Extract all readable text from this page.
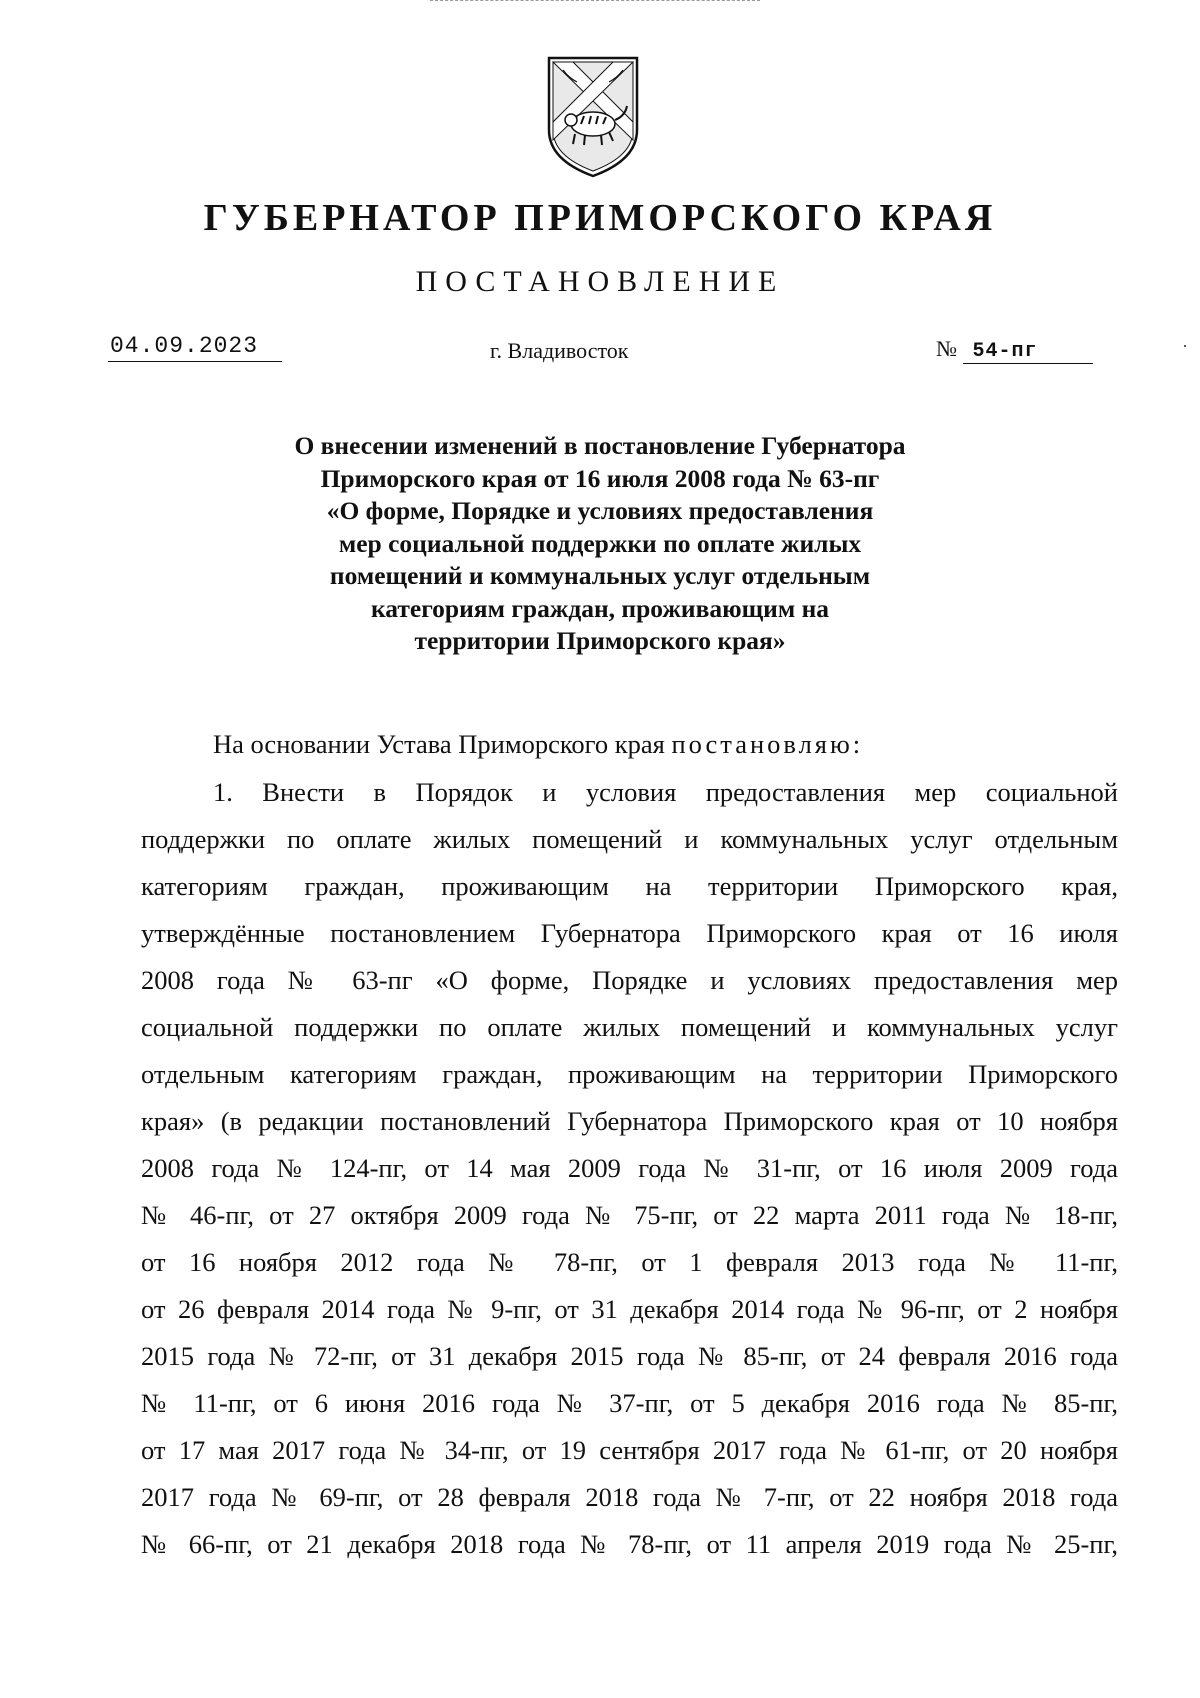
ГУБЕРНАТОР ПРИМОРСКОГО КРАЯ
ПОСТАНОВЛЕНИЕ
04.09.2023	г. Владивосток	№ 54-пг
О внесении изменений в постановление Губернатора
Приморского края от 16 июля 2008 года № 63-пг
«О форме, Порядке и условиях предоставления
мер социальной поддержки по оплате жилых
помещений и коммунальных услуг отдельным
категориям граждан, проживающим на
территории Приморского края»
На основании Устава Приморского края постановляю:
1. Внести в Порядок и условия предоставления мер социальной
поддержки по оплате жилых помещений и коммунальных услуг отдельным
категориям граждан, проживающим на территории Приморского края,
утверждённые постановлением Губернатора Приморского края от 16 июля
2008 года № 63-пг «О форме, Порядке и условиях предоставления мер
социальной поддержки по оплате жилых помещений и коммунальных услуг
отдельным категориям граждан, проживающим на территории Приморского
края» (в редакции постановлений Губернатора Приморского края от 10 ноября
2008 года № 124-пг, от 14 мая 2009 года № 31-пг, от 16 июля 2009 года
№ 46-пг, от 27 октября 2009 года № 75-пг, от 22 марта 2011 года № 18-пг,
от 16 ноября 2012 года № 78-пг, от 1 февраля 2013 года № 11-пг,
от 26 февраля 2014 года № 9-пг, от 31 декабря 2014 года № 96-пг, от 2 ноября
2015 года № 72-пг, от 31 декабря 2015 года № 85-пг, от 24 февраля 2016 года
№ 11-пг, от 6 июня 2016 года № 37-пг, от 5 декабря 2016 года № 85-пг,
от 17 мая 2017 года № 34-пг, от 19 сентября 2017 года № 61-пг, от 20 ноября
2017 года № 69-пг, от 28 февраля 2018 года № 7-пг, от 22 ноября 2018 года
№ 66-пг, от 21 декабря 2018 года № 78-пг, от 11 апреля 2019 года № 25-пг,
